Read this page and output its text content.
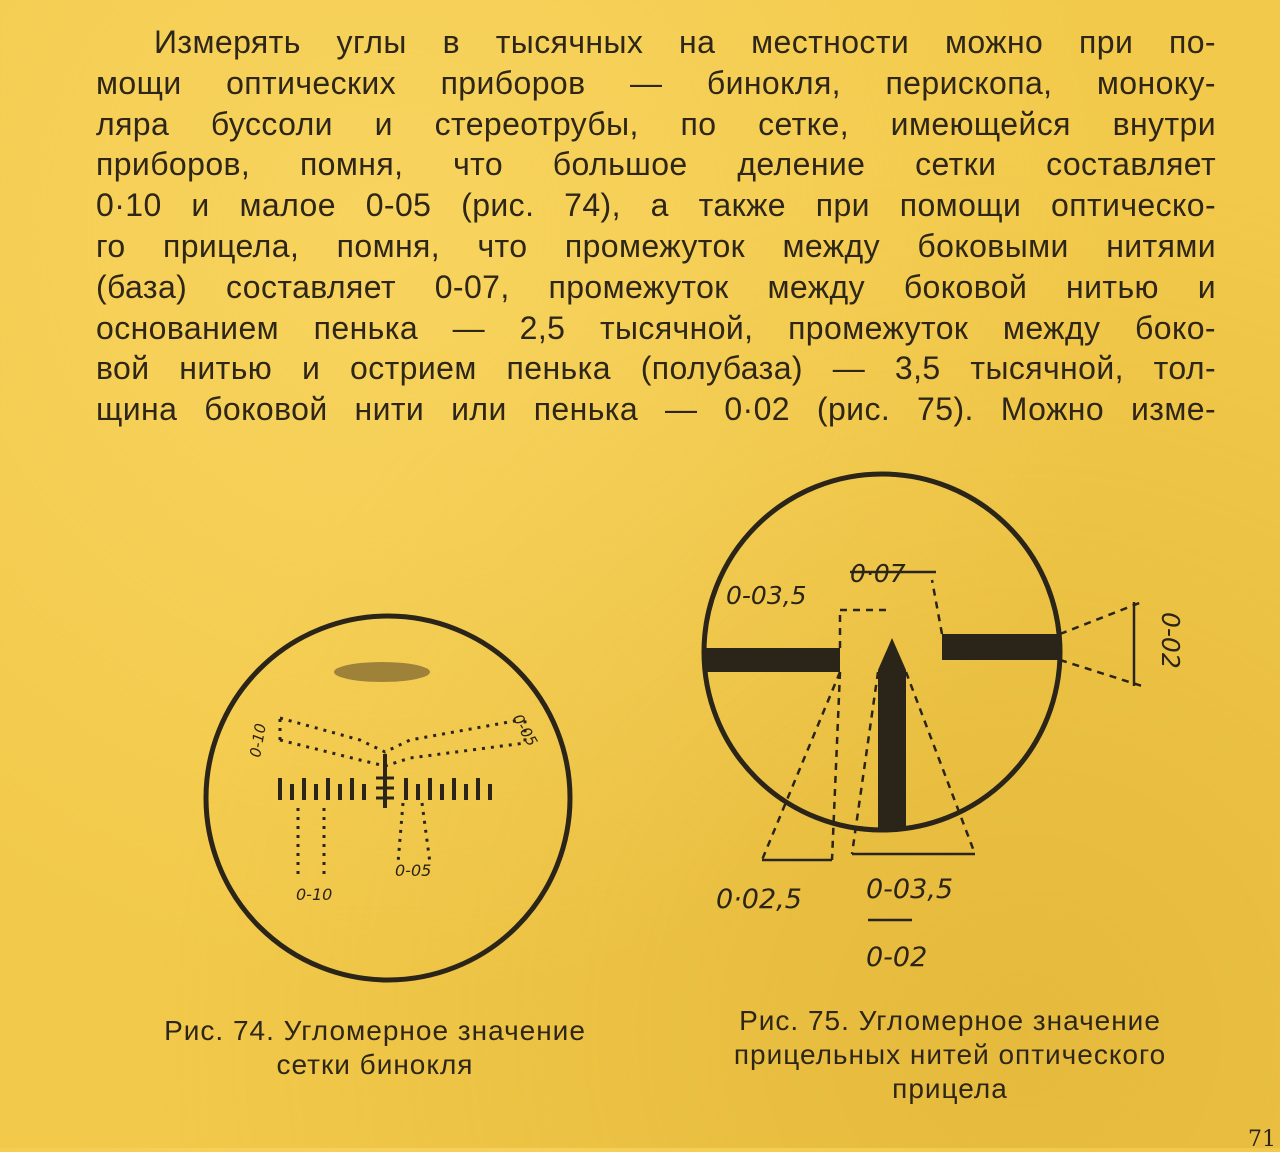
Измерять углы в тысячных на местности можно при по-
мощи оптических приборов — бинокля, перископа, моноку-
ляра буссоли и стереотрубы, по сетке, имеющейся внутри
приборов, помня, что большое деление сетки составляет
0·10 и малое 0-05 (рис. 74), а также при помощи оптическо-
го прицела, помня, что промежуток между боковыми нитями
(база) составляет 0-07, промежуток между боковой нитью и
основанием пенька — 2,5 тысячной, промежуток между боко-
вой нитью и острием пенька (полубаза) — 3,5 тысячной, тол-
щина боковой нити или пенька — 0·02 (рис. 75). Можно изме-
0-10	0-05
0-10
0-05
0-03,5
0·07
0-02
0·02,5 0-03,5
0-02
Рис. 74. Угломерное значение
сетки бинокля
Рис. 75. Угломерное значение
прицельных нитей оптического
прицела
71
